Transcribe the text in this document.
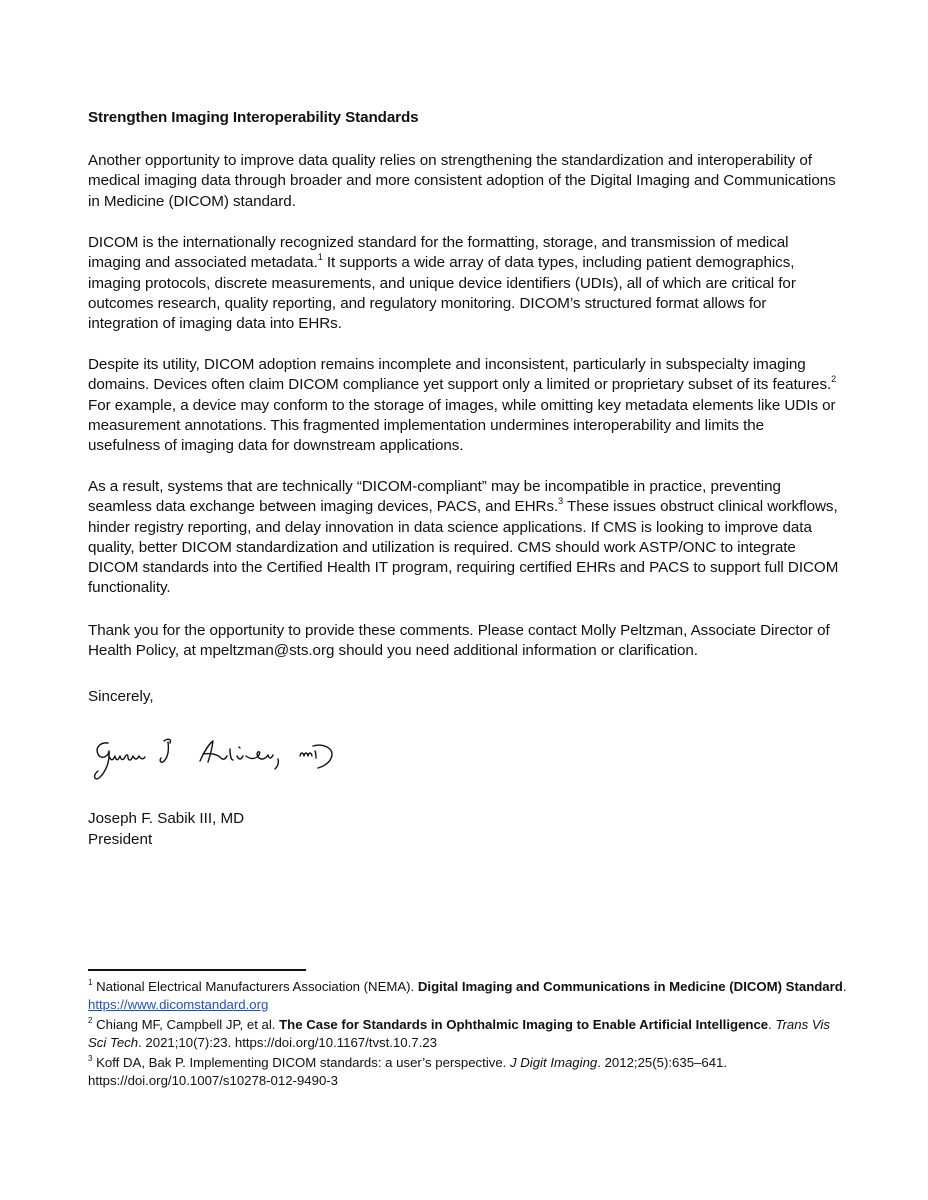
Strengthen Imaging Interoperability Standards

Another opportunity to improve data quality relies on strengthening the standardization and interoperability of medical imaging data through broader and more consistent adoption of the Digital Imaging and Communications in Medicine (DICOM) standard.

DICOM is the internationally recognized standard for the formatting, storage, and transmission of medical imaging and associated metadata.$^1$ It supports a wide array of data types, including patient demographics, imaging protocols, discrete measurements, and unique device identifiers (UDIs), all of which are critical for outcomes research, quality reporting, and regulatory monitoring. DICOM’s structured format allows for integration of imaging data into EHRs.

Despite its utility, DICOM adoption remains incomplete and inconsistent, particularly in subspecialty imaging domains. Devices often claim DICOM compliance yet support only a limited or proprietary subset of its features.$^2$ For example, a device may conform to the storage of images, while omitting key metadata elements like UDIs or measurement annotations. This fragmented implementation undermines interoperability and limits the usefulness of imaging data for downstream applications.

As a result, systems that are technically “DICOM-compliant” may be incompatible in practice, preventing seamless data exchange between imaging devices, PACS, and EHRs.$^3$ These issues obstruct clinical workflows, hinder registry reporting, and delay innovation in data science applications. If CMS is looking to improve data quality, better DICOM standardization and utilization is required. CMS should work ASTP/ONC to integrate DICOM standards into the Certified Health IT program, requiring certified EHRs and PACS to support full DICOM functionality.

Thank you for the opportunity to provide these comments. Please contact Molly Peltzman, Associate Director of Health Policy, at mpeltzman@sts.org should you need additional information or clarification.

Sincerely,
Joseph F. Sabik III, MD
President

$^1$ National Electrical Manufacturers Association (NEMA). Digital Imaging and Communications in Medicine (DICOM) Standard. https://www.dicomstandard.org

$^2$ Chiang MF, Campbell JP, et al. The Case for Standards in Ophthalmic Imaging to Enable Artificial Intelligence. Trans Vis Sci Tech. 2021;10(7):23. https://doi.org/10.1167/tvst.10.7.23

$^3$ Koff DA, Bak P. Implementing DICOM standards: a user’s perspective. J Digit Imaging. 2012;25(5):635–641. https://doi.org/10.1007/s10278-012-9490-3
